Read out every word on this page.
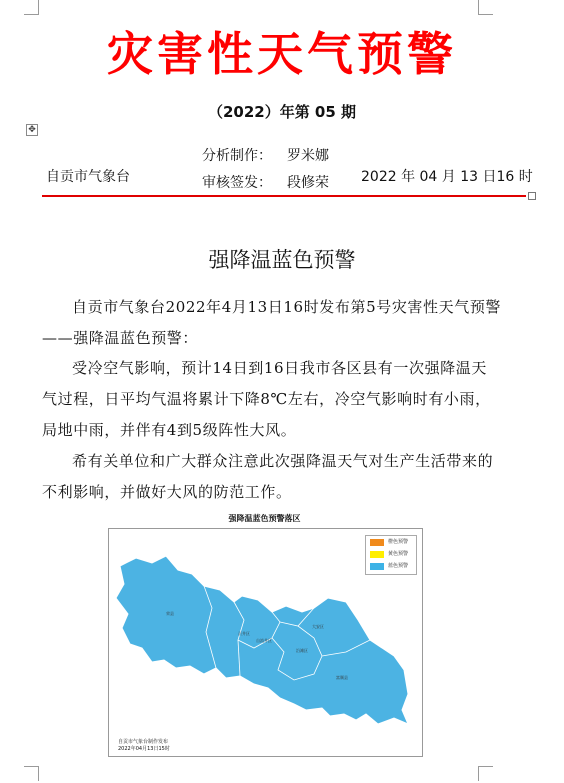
灾害性天气预警
（2022）年第 05 期
✥
自贡市气象台
分析制作： 罗米娜
审核签发： 段修荣 2022 年 04 月 13 日16 时
强降温蓝色预警
自贡市气象台2022年4月13日16时发布第5号灾害性天气预警——强降温蓝色预警：
受冷空气影响，预计14日到16日我市各区县有一次强降温天气过程，日平均气温将累计下降8℃左右，冷空气影响时有小雨，局地中雨，并伴有4到5级阵性大风。
希有关单位和广大群众注意此次强降温天气对生产生活带来的不利影响，并做好大风的防范工作。
强降温蓝色预警落区
荣县
贡井区
自流井区
大安区
沿滩区
富顺县
橙色预警
黄色预警
蓝色预警
自贡市气象台制作发布
2022年04月13日15时
